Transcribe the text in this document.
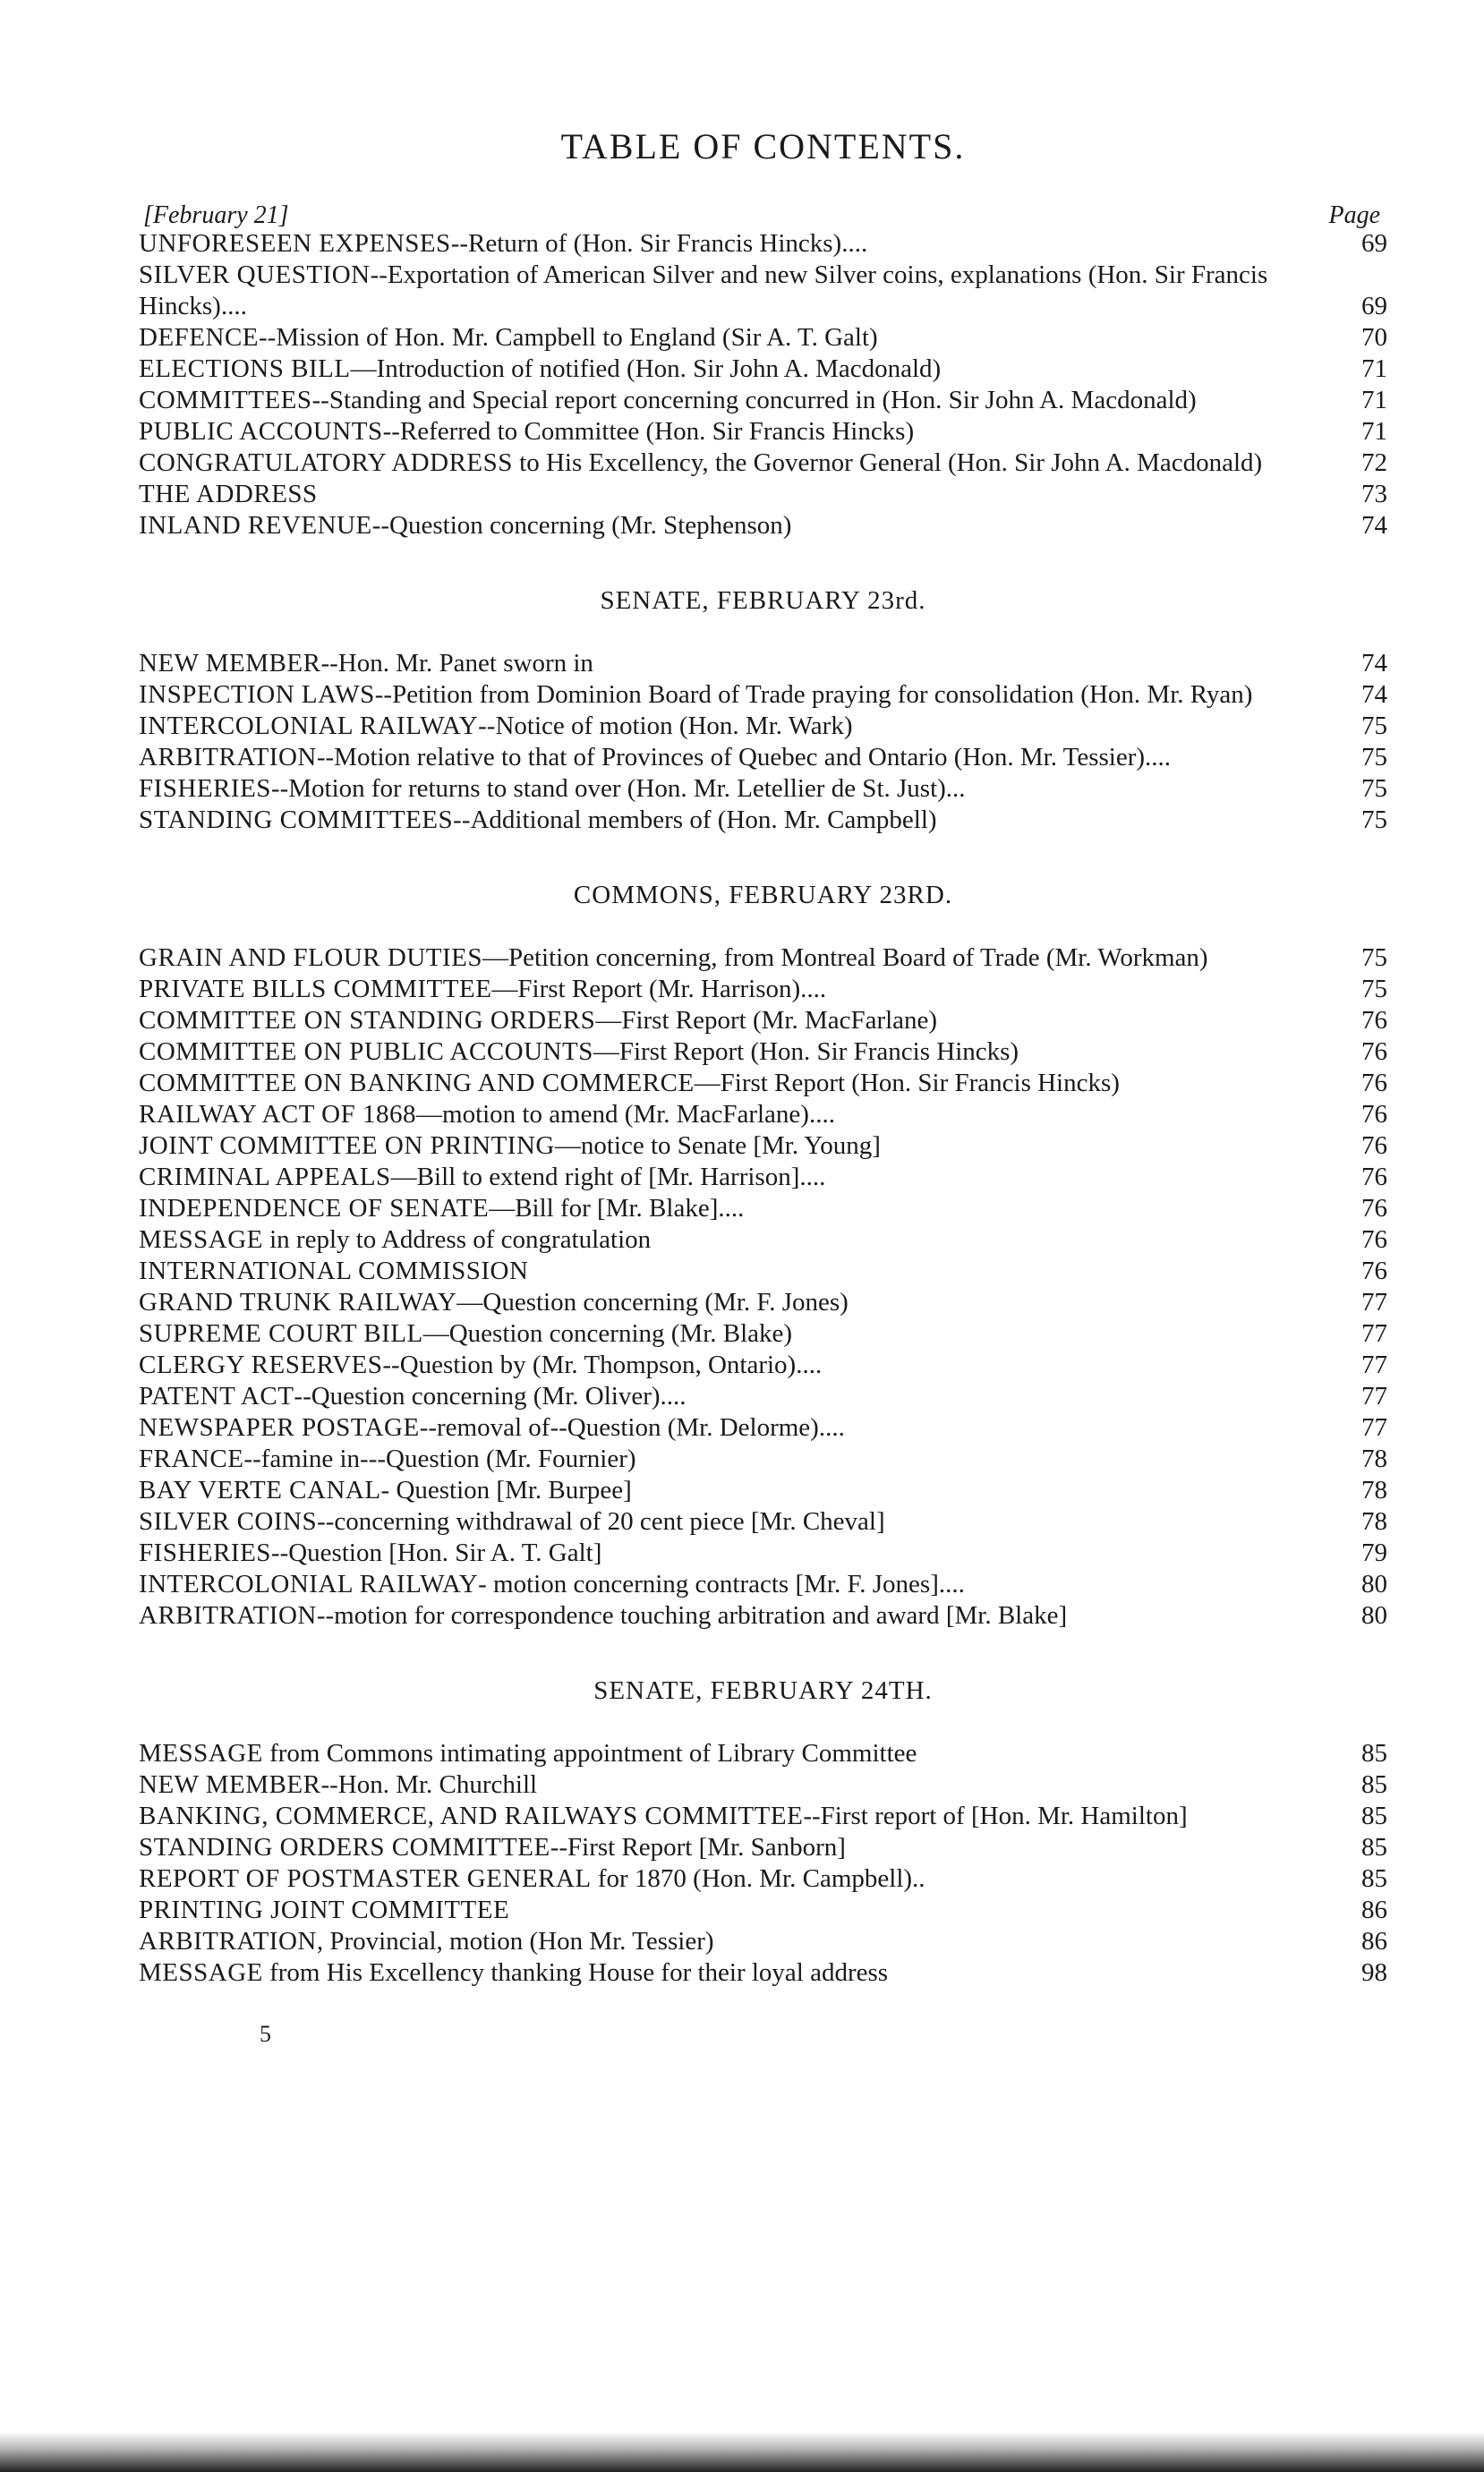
TABLE OF CONTENTS.
[February 21]	Page
UNFORESEEN EXPENSES--Return of (Hon. Sir Francis Hincks)....	69
SILVER QUESTION--Exportation of American Silver and new Silver coins, explanations (Hon. Sir Francis Hincks)....	69
DEFENCE--Mission of Hon. Mr. Campbell to England (Sir A. T. Galt)	70
ELECTIONS BILL—Introduction of notified (Hon. Sir John A. Macdonald)	71
COMMITTEES--Standing and Special report concerning concurred in (Hon. Sir John A. Macdonald)	71
PUBLIC ACCOUNTS--Referred to Committee (Hon. Sir Francis Hincks)	71
CONGRATULATORY ADDRESS to His Excellency, the Governor General (Hon. Sir John A. Macdonald)	72
THE ADDRESS	73
INLAND REVENUE--Question concerning (Mr. Stephenson)	74
SENATE, FEBRUARY 23rd.
NEW MEMBER--Hon. Mr. Panet sworn in	74
INSPECTION LAWS--Petition from Dominion Board of Trade praying for consolidation (Hon. Mr. Ryan)	74
INTERCOLONIAL RAILWAY--Notice of motion (Hon. Mr. Wark)	75
ARBITRATION--Motion relative to that of Provinces of Quebec and Ontario (Hon. Mr. Tessier)....	75
FISHERIES--Motion for returns to stand over (Hon. Mr. Letellier de St. Just)...	75
STANDING COMMITTEES--Additional members of (Hon. Mr. Campbell)	75
COMMONS, FEBRUARY 23RD.
GRAIN AND FLOUR DUTIES—Petition concerning, from Montreal Board of Trade (Mr. Workman)	75
PRIVATE BILLS COMMITTEE—First Report (Mr. Harrison)....	75
COMMITTEE ON STANDING ORDERS—First Report (Mr. MacFarlane)	76
COMMITTEE ON PUBLIC ACCOUNTS—First Report (Hon. Sir Francis Hincks)	76
COMMITTEE ON BANKING AND COMMERCE—First Report (Hon. Sir Francis Hincks)	76
RAILWAY ACT OF 1868—motion to amend (Mr. MacFarlane)....	76
JOINT COMMITTEE ON PRINTING—notice to Senate [Mr. Young]	76
CRIMINAL APPEALS—Bill to extend right of [Mr. Harrison]....	76
INDEPENDENCE OF SENATE—Bill for [Mr. Blake]....	76
MESSAGE in reply to Address of congratulation	76
INTERNATIONAL COMMISSION	76
GRAND TRUNK RAILWAY—Question concerning (Mr. F. Jones)	77
SUPREME COURT BILL—Question concerning (Mr. Blake)	77
CLERGY RESERVES--Question by (Mr. Thompson, Ontario)....	77
PATENT ACT--Question concerning (Mr. Oliver)....	77
NEWSPAPER POSTAGE--removal of--Question (Mr. Delorme)....	77
FRANCE--famine in---Question (Mr. Fournier)	78
BAY VERTE CANAL- Question [Mr. Burpee]	78
SILVER COINS--concerning withdrawal of 20 cent piece [Mr. Cheval]	78
FISHERIES--Question [Hon. Sir A. T. Galt]	79
INTERCOLONIAL RAILWAY- motion concerning contracts [Mr. F. Jones]....	80
ARBITRATION--motion for correspondence touching arbitration and award [Mr. Blake]	80
SENATE, FEBRUARY 24TH.
MESSAGE from Commons intimating appointment of Library Committee	85
NEW MEMBER--Hon. Mr. Churchill	85
BANKING, COMMERCE, AND RAILWAYS COMMITTEE--First report of [Hon. Mr. Hamilton]	85
STANDING ORDERS COMMITTEE--First Report [Mr. Sanborn]	85
REPORT OF POSTMASTER GENERAL for 1870 (Hon. Mr. Campbell)..	85
PRINTING JOINT COMMITTEE	86
ARBITRATION, Provincial, motion (Hon Mr. Tessier)	86
MESSAGE from His Excellency thanking House for their loyal address	98
5
